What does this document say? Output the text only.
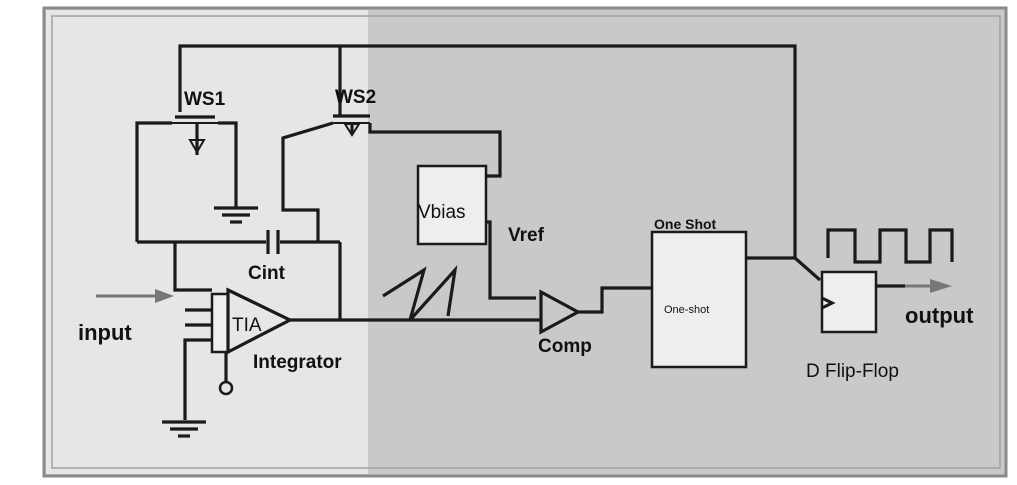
WS1	WS2
Vbias
Vref
One Shot
One-shot
Cint
input	TIA
Integrator
Comp
output
D Flip-Flop
